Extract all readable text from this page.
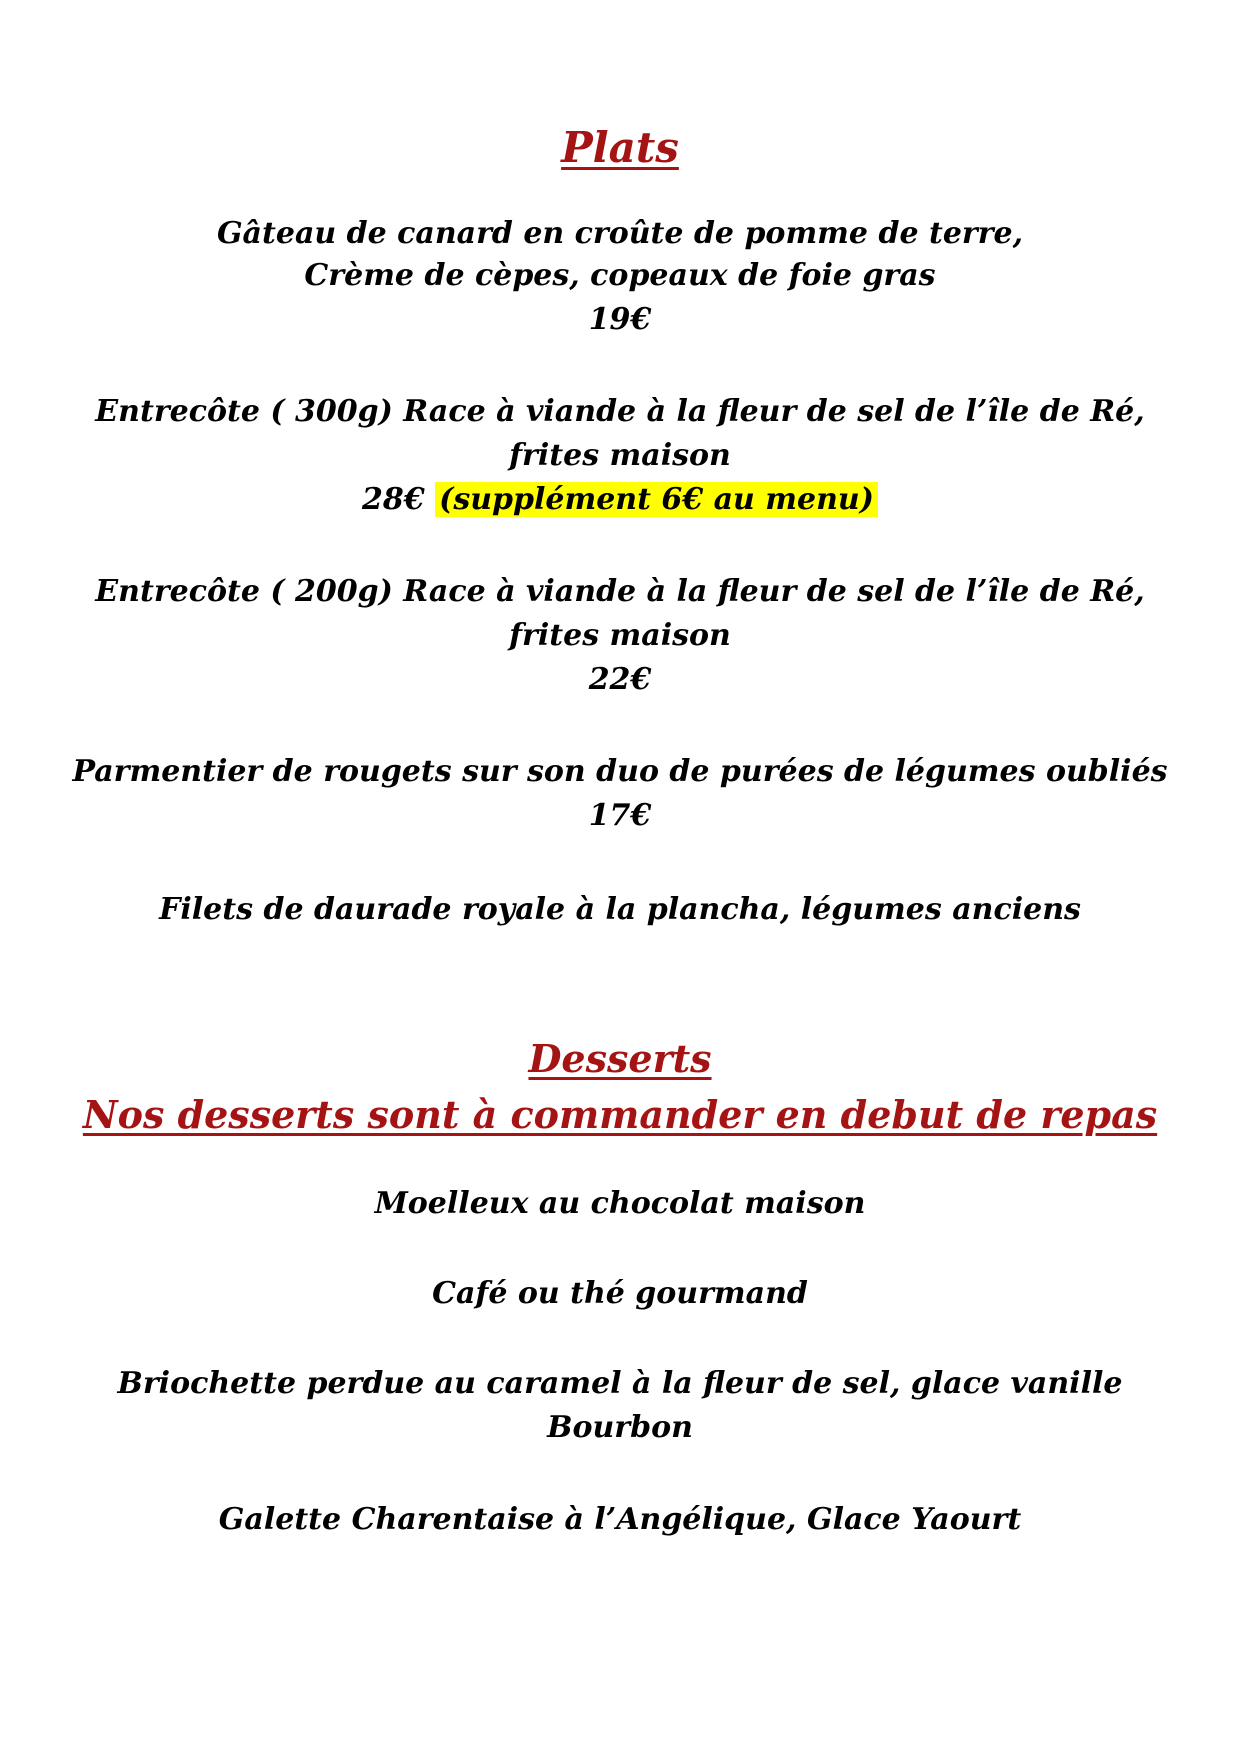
Plats
Gâteau de canard en croûte de pomme de terre,
Crème de cèpes, copeaux de foie gras
19€
Entrecôte ( 300g) Race à viande à la fleur de sel de l’île de Ré,
frites maison
28€ (supplément 6€ au menu)
Entrecôte ( 200g) Race à viande à la fleur de sel de l’île de Ré,
frites maison
22€
Parmentier de rougets sur son duo de purées de légumes oubliés
17€
Filets de daurade royale à la plancha, légumes anciens
Desserts
Nos desserts sont à commander en debut de repas
Moelleux au chocolat maison
Café ou thé gourmand
Briochette perdue au caramel à la fleur de sel, glace vanille
Bourbon
Galette Charentaise à l’Angélique, Glace Yaourt
